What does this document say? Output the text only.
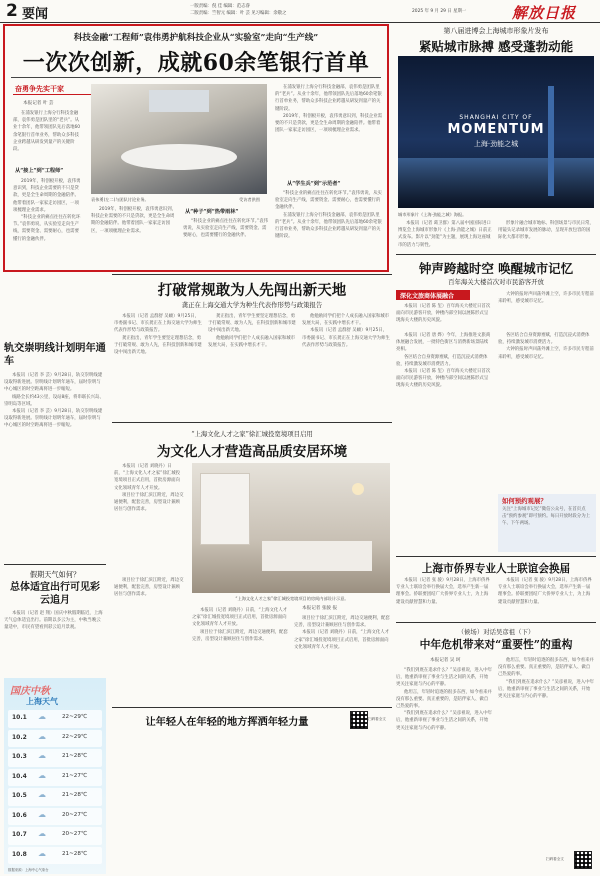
2 要闻
一版责编：倪 佳 编辑：范志睿
二版责编：竺智元 编辑：叶 芸 见习编辑：余敬之	2025 年 9 月 29 日 星期一	解放日报
科技金融“工程师”袁伟勇护航科技企业从“实验室”走向“生产线”
一次次创新，成就60余笔银行首单
奋勇争先实干家
本报记者 叶 芸

在浦发银行上海分行科技金融部，袁伟勇是团队里的“老兵”。从业十余年，他带领团队先后落地60余笔银行首单业务，帮助众多科技企业跨越从研发到量产的关键阶段。

从“接上”到“工程师”

2019年，科创板开板，袁伟勇意识到，科技企业需要的不只是贷款，更是全生命周期的金融陪伴。他带着团队一家家走访园区，一项项梳理企业需求。

“科技企业的痛点往往在转化环节。”袁伟勇说，从实验室走向生产线，需要资金、需要耐心，也需要懂行的金融伙伴。

袁伟勇(左二)与团队讨论业务。	受访者供图

2019年，科创板开板，袁伟勇意识到，科技企业需要的不只是贷款，更是全生命周期的金融陪伴。他带着团队一家家走访园区，一项项梳理企业需求。

从“种子”到“热带雨林”

“科技企业的痛点往往在转化环节。”袁伟勇说，从实验室走向生产线，需要资金、需要耐心，也需要懂行的金融伙伴。

在浦发银行上海分行科技金融部，袁伟勇是团队里的“老兵”。从业十余年，他带领团队先后落地60余笔银行首单业务，帮助众多科技企业跨越从研发到量产的关键阶段。

2019年，科创板开板，袁伟勇意识到，科技企业需要的不只是贷款，更是全生命周期的金融陪伴。他带着团队一家家走访园区，一项项梳理企业需求。

从“学生兵”到“示范者”

“科技企业的痛点往往在转化环节。”袁伟勇说，从实验室走向生产线，需要资金、需要耐心，也需要懂行的金融伙伴。

在浦发银行上海分行科技金融部，袁伟勇是团队里的“老兵”。从业十余年，他带领团队先后落地60余笔银行首单业务，帮助众多科技企业跨越从研发到量产的关键阶段。

第八届进博会上海城市形象片发布
紧贴城市脉搏 感受蓬勃动能
SHANGHAI CITY OF
MOMENTUM
上海·劲能之城
城市形象片《上海·劲能之城》海报。

本报讯（记者 葛卫群）第八届中国国际进口博览会上海城市形象片《上海·劲能之城》日前正式发布。影片以“劲能”为主题，展现上海这座城市的活力与韧性。

形象片融合城市地标、科创场景与市民日常，用镜头记录城市发展的脉动，呈现开放包容的国际化大都市形象。

钟声跨越时空 唤醒城市记忆
百年海关大楼首次对市民游客开放
深化文旅商体展融合

本报讯（记者 陈 玺）百年海关大楼近日首次面向市民游客开放，钟楼内部空间以展陈形式呈现海关大楼的历史风貌。

大钟的报时声回荡外滩上空，许多市民专程前来聆听，感受城市记忆。

本报讯（记者 唐 烨）今年，上海推进文旅商体展融合发展，一批特色街区与消费新场景陆续亮相。

各区结合自身资源禀赋，打造沉浸式消费体验，持续激发城市消费活力。

本报讯（记者 陈 玺）百年海关大楼近日首次面向市民游客开放，钟楼内部空间以展陈形式呈现海关大楼的历史风貌。

各区结合自身资源禀赋，打造沉浸式消费体验，持续激发城市消费活力。

大钟的报时声回荡外滩上空，许多市民专程前来聆听，感受城市记忆。

如何预约观展？
关注“上海城市记忆”微信公众号，在首页点击“预约参观”即可预约。每日开放时段分为上午、下午两场。
打破常规敢为人先闯出新天地
龚正在上海交通大学为种生代表作形势与政策报告

本报讯（记者 孟群舒 吴頔）9月25日，市委副书记、市长龚正在上海交通大学为师生代表作形势与政策报告。

龚正指出，青年学生要坚定理想信念，勇于打破常规、敢为人先，在科技创新和城市建设中闯出新天地。

龚正指出，青年学生要坚定理想信念，勇于打破常规、敢为人先，在科技创新和城市建设中闯出新天地。

他勉励同学们把个人成长融入国家和城市发展大局，在实践中增长才干。

他勉励同学们把个人成长融入国家和城市发展大局，在实践中增长才干。

本报讯（记者 孟群舒 吴頔）9月25日，市委副书记、市长龚正在上海交通大学为师生代表作形势与政策报告。

轨交崇明线计划明年通车

本报讯（记者 李 芸）9月28日，轨交崇明线建设取得新进展。崇明线计划明年通车，届时崇明与中心城区的时空距离将进一步缩短。

线路全长约43公里，设站8座，将串联长兴岛、崇明岛等区域。

本报讯（记者 李 芸）9月28日，轨交崇明线建设取得新进展。崇明线计划明年通车，届时崇明与中心城区的时空距离将进一步缩短。

假期天气如何？
总体适宜出行可见彩云追月

本报讯（记者 赵 翔）国庆中秋假期临近，上海天气总体适宜出行。前期以多云为主，中秋当晚云量适中，市民有望看到彩云追月景观。

国庆中秋
上海天气
10.1 ☁	22~29℃
10.2 ☁	22~29℃
10.3 ☁	21~28℃
10.4 ☁	21~27℃
10.5 ☁	21~28℃
10.6 ☁	20~27℃
10.7 ☁	20~27℃
10.8 ☁	21~28℃
数据来源：上海中心气象台
“上海文化人才之家”徐汇城投宽境项目启用
为文化人才营造高品质安居环境

本报讯（记者 刘晓丹）日前，“上海文化人才之家”徐汇城投宽境项目正式启用，首批房源面向文化领域青年人才开放。

项目位于徐汇滨江附近，周边交通便利，配套完善，房型设计兼顾居住与创作需求。

项目位于徐汇滨江附近，周边交通便利，配套完善，房型设计兼顾居住与创作需求。

“上海文化人才之家”徐汇城投宽境项目的房间内部设计示意。

本报讯（记者 刘晓丹）日前，“上海文化人才之家”徐汇城投宽境项目正式启用，首批房源面向文化领域青年人才开放。

项目位于徐汇滨江附近，周边交通便利，配套完善，房型设计兼顾居住与创作需求。

本报记者 张骏 报

项目位于徐汇滨江附近，周边交通便利，配套完善，房型设计兼顾居住与创作需求。

本报讯（记者 刘晓丹）日前，“上海文化人才之家”徐汇城投宽境项目正式启用，首批房源面向文化领域青年人才开放。

让年轻人在年轻的地方挥洒年轻力量	扫码看全文
上海市侨界专业人士联谊会换届

本报讯（记者 张 骏）9月28日，上海市侨界专业人士联谊会举行换届大会，选举产生新一届理事会。侨联要团结广大侨界专业人士，为上海建设贡献智慧和力量。

本报讯（记者 张 骏）9月28日，上海市侨界专业人士联谊会举行换届大会，选举产生新一届理事会。侨联要团结广大侨界专业人士，为上海建设贡献智慧和力量。

（候场）对话吴彦祖（下）
中年危机带来对“重要性”的重构
本报记者 吴 珂

“我们到底在追求什么？”吴彦祖说，进入中年后，他重新审视了事业与生活之间的关系，开始更关注家庭与内心的平静。

他坦言，年轻时追逐的很多东西，如今看来并没有那么重要。真正重要的，是陪伴家人、做自己热爱的事。

“我们到底在追求什么？”吴彦祖说，进入中年后，他重新审视了事业与生活之间的关系，开始更关注家庭与内心的平静。

他坦言，年轻时追逐的很多东西，如今看来并没有那么重要。真正重要的，是陪伴家人、做自己热爱的事。

“我们到底在追求什么？”吴彦祖说，进入中年后，他重新审视了事业与生活之间的关系，开始更关注家庭与内心的平静。

扫码看全文
